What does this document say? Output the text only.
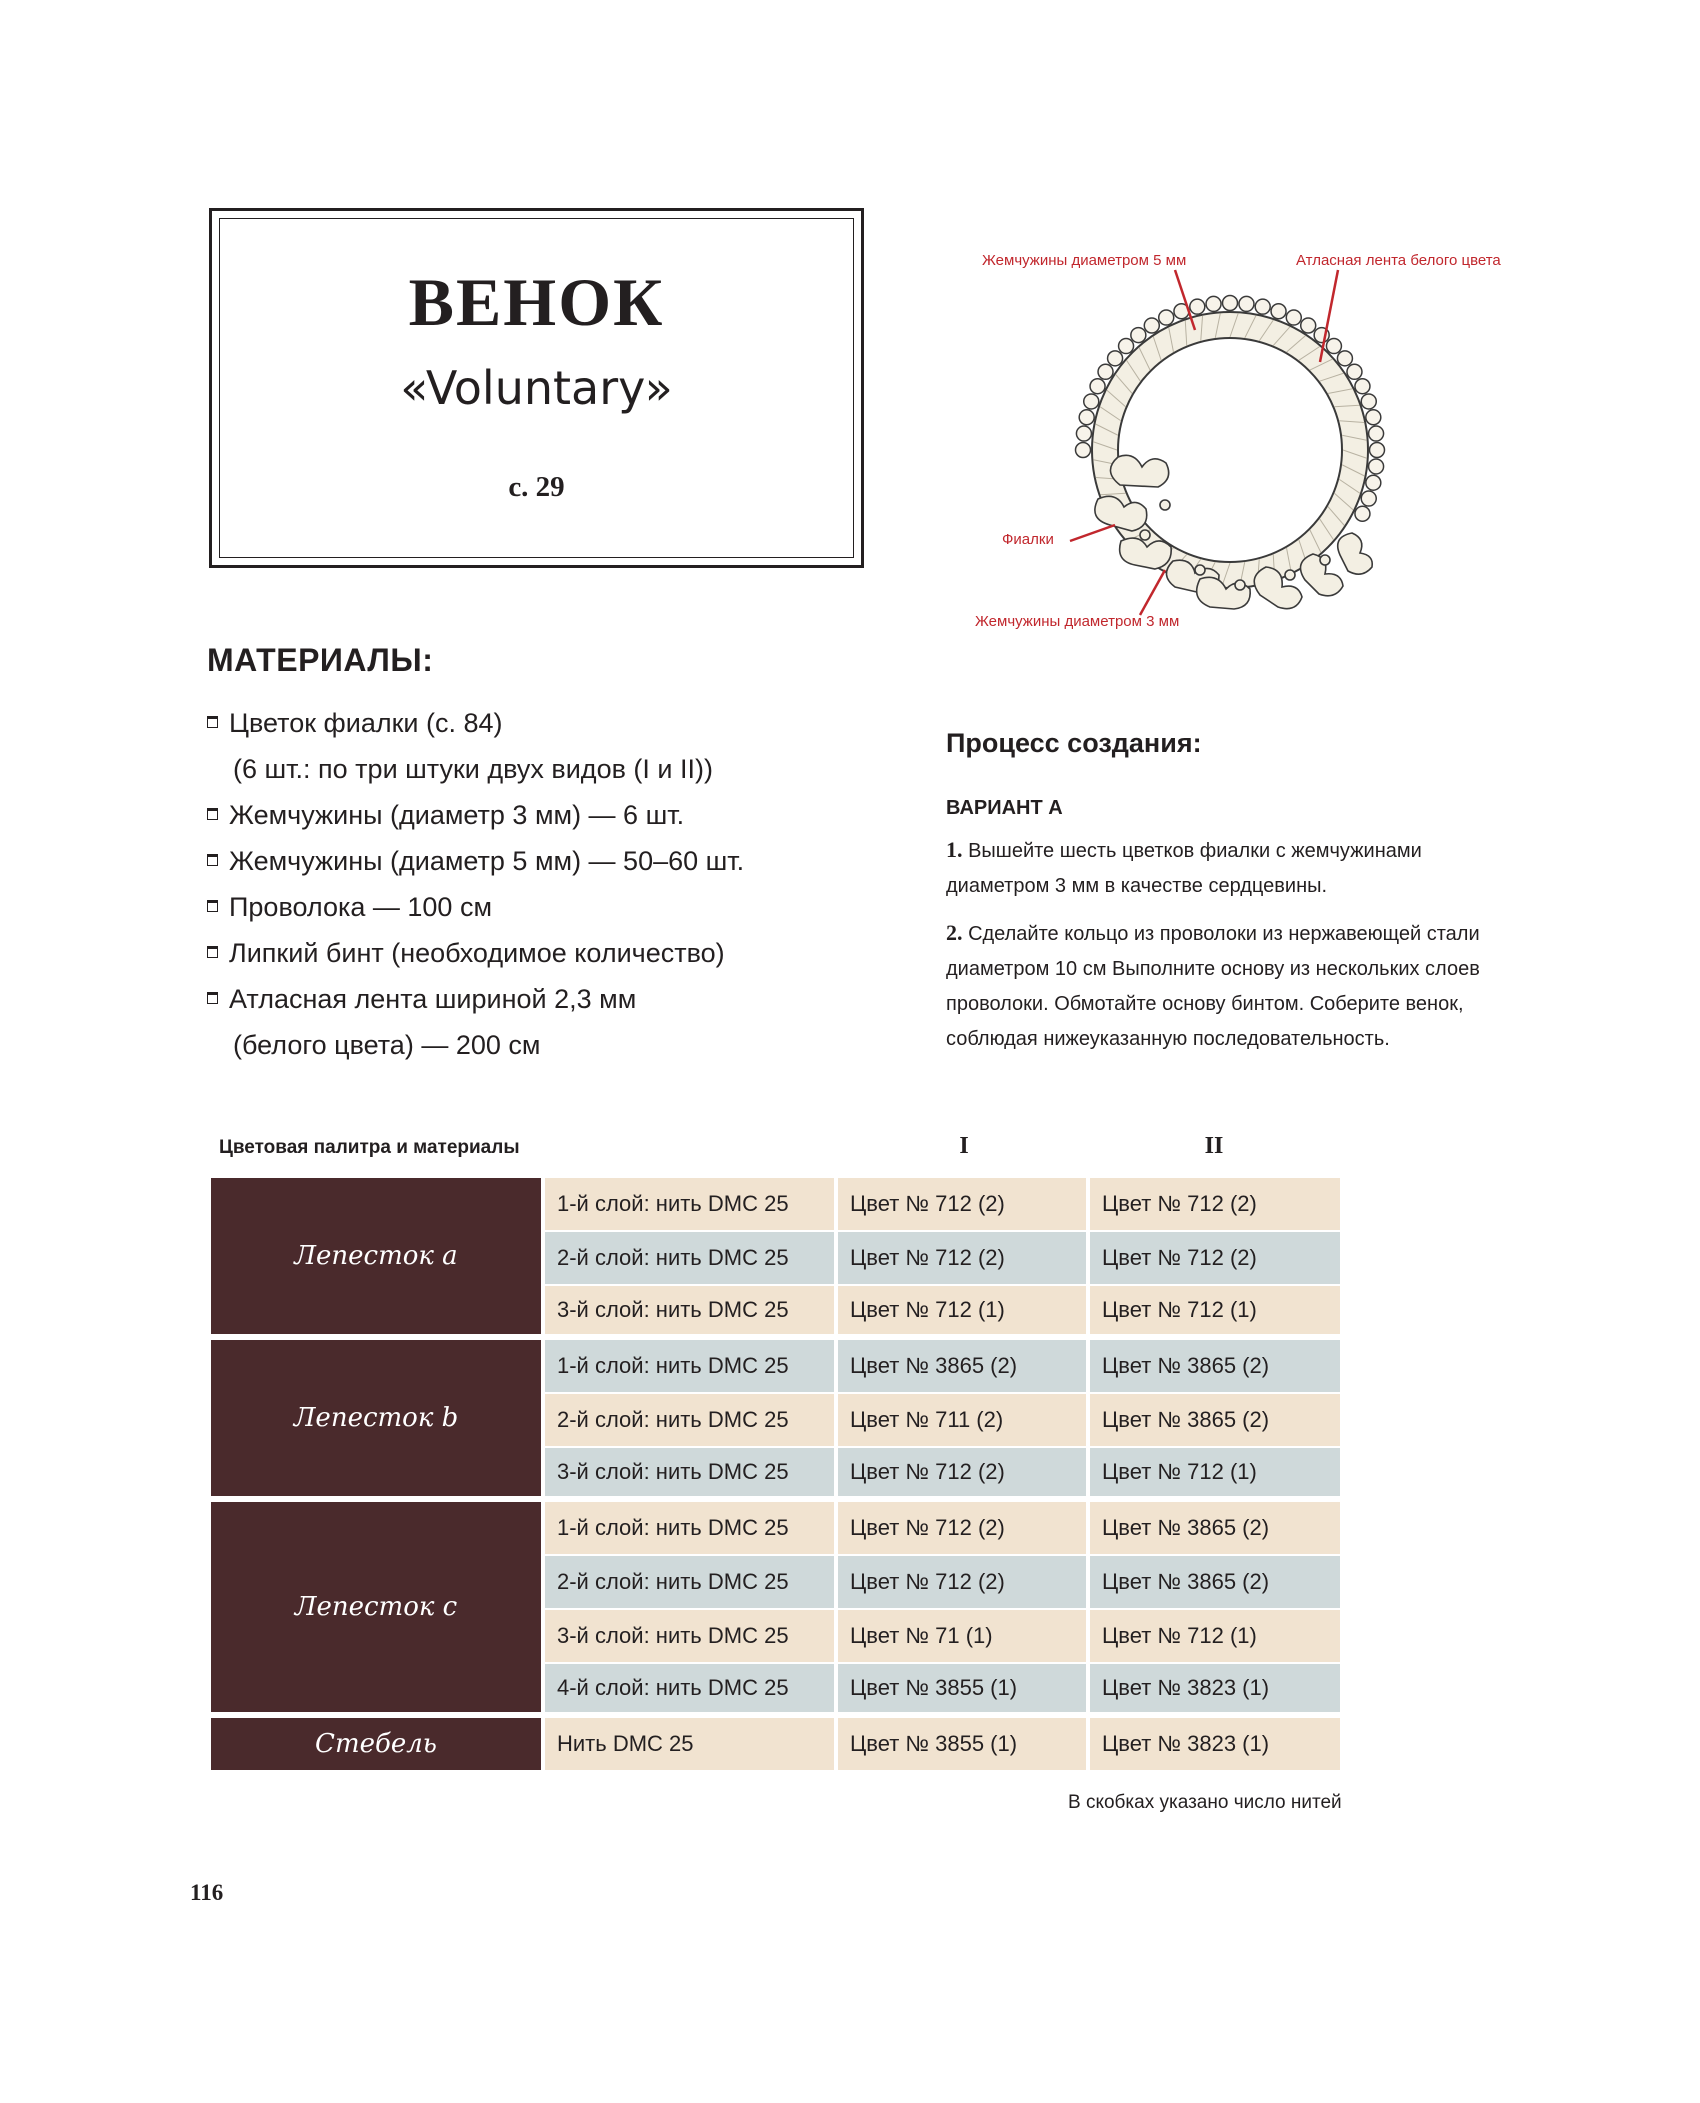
ВЕНОК
«Voluntary»
с. 29
Жемчужины диаметром 5 мм	Атласная лента белого цвета
Фиалки
Жемчужины диаметром 3 мм
МАТЕРИАЛЫ:
Цветок фиалки (с. 84)
(6 шт.: по три штуки двух видов (I и II))
Жемчужины (диаметр 3 мм) — 6 шт.
Жемчужины (диаметр 5 мм) — 50–60 шт.
Проволока — 100 см
Липкий бинт (необходимое количество)
Атласная лента шириной 2,3 мм
(белого цвета) — 200 см
Процесс создания:
ВАРИАНТ А
1. Вышейте шесть цветков фиалки с жемчужинами диаметром 3 мм в качестве сердцевины.
2. Сделайте кольцо из проволоки из нержавеющей стали диаметром 10 см Выполните основу из нескольких слоев проволоки. Обмотайте основу бинтом. Соберите венок, соблюдая нижеуказанную последовательность.
Цветовая палитра и материалы	I	II
Лепесток a	1-й слой: нить DMC 25	Цвет № 712 (2)	Цвет № 712 (2)
	2-й слой: нить DMC 25	Цвет № 712 (2)	Цвет № 712 (2)
	3-й слой: нить DMC 25	Цвет № 712 (1)	Цвет № 712 (1)
Лепесток b	1-й слой: нить DMC 25	Цвет № 3865 (2)	Цвет № 3865 (2)
	2-й слой: нить DMC 25	Цвет № 711 (2)	Цвет № 3865 (2)
	3-й слой: нить DMC 25	Цвет № 712 (2)	Цвет № 712 (1)
Лепесток c	1-й слой: нить DMC 25	Цвет № 712 (2)	Цвет № 3865 (2)
	2-й слой: нить DMC 25	Цвет № 712 (2)	Цвет № 3865 (2)
	3-й слой: нить DMC 25	Цвет № 71 (1)	Цвет № 712 (1)
	4-й слой: нить DMC 25	Цвет № 3855 (1)	Цвет № 3823 (1)
Стебель	Нить DMC 25	Цвет № 3855 (1)	Цвет № 3823 (1)
В скобках указано число нитей
116
